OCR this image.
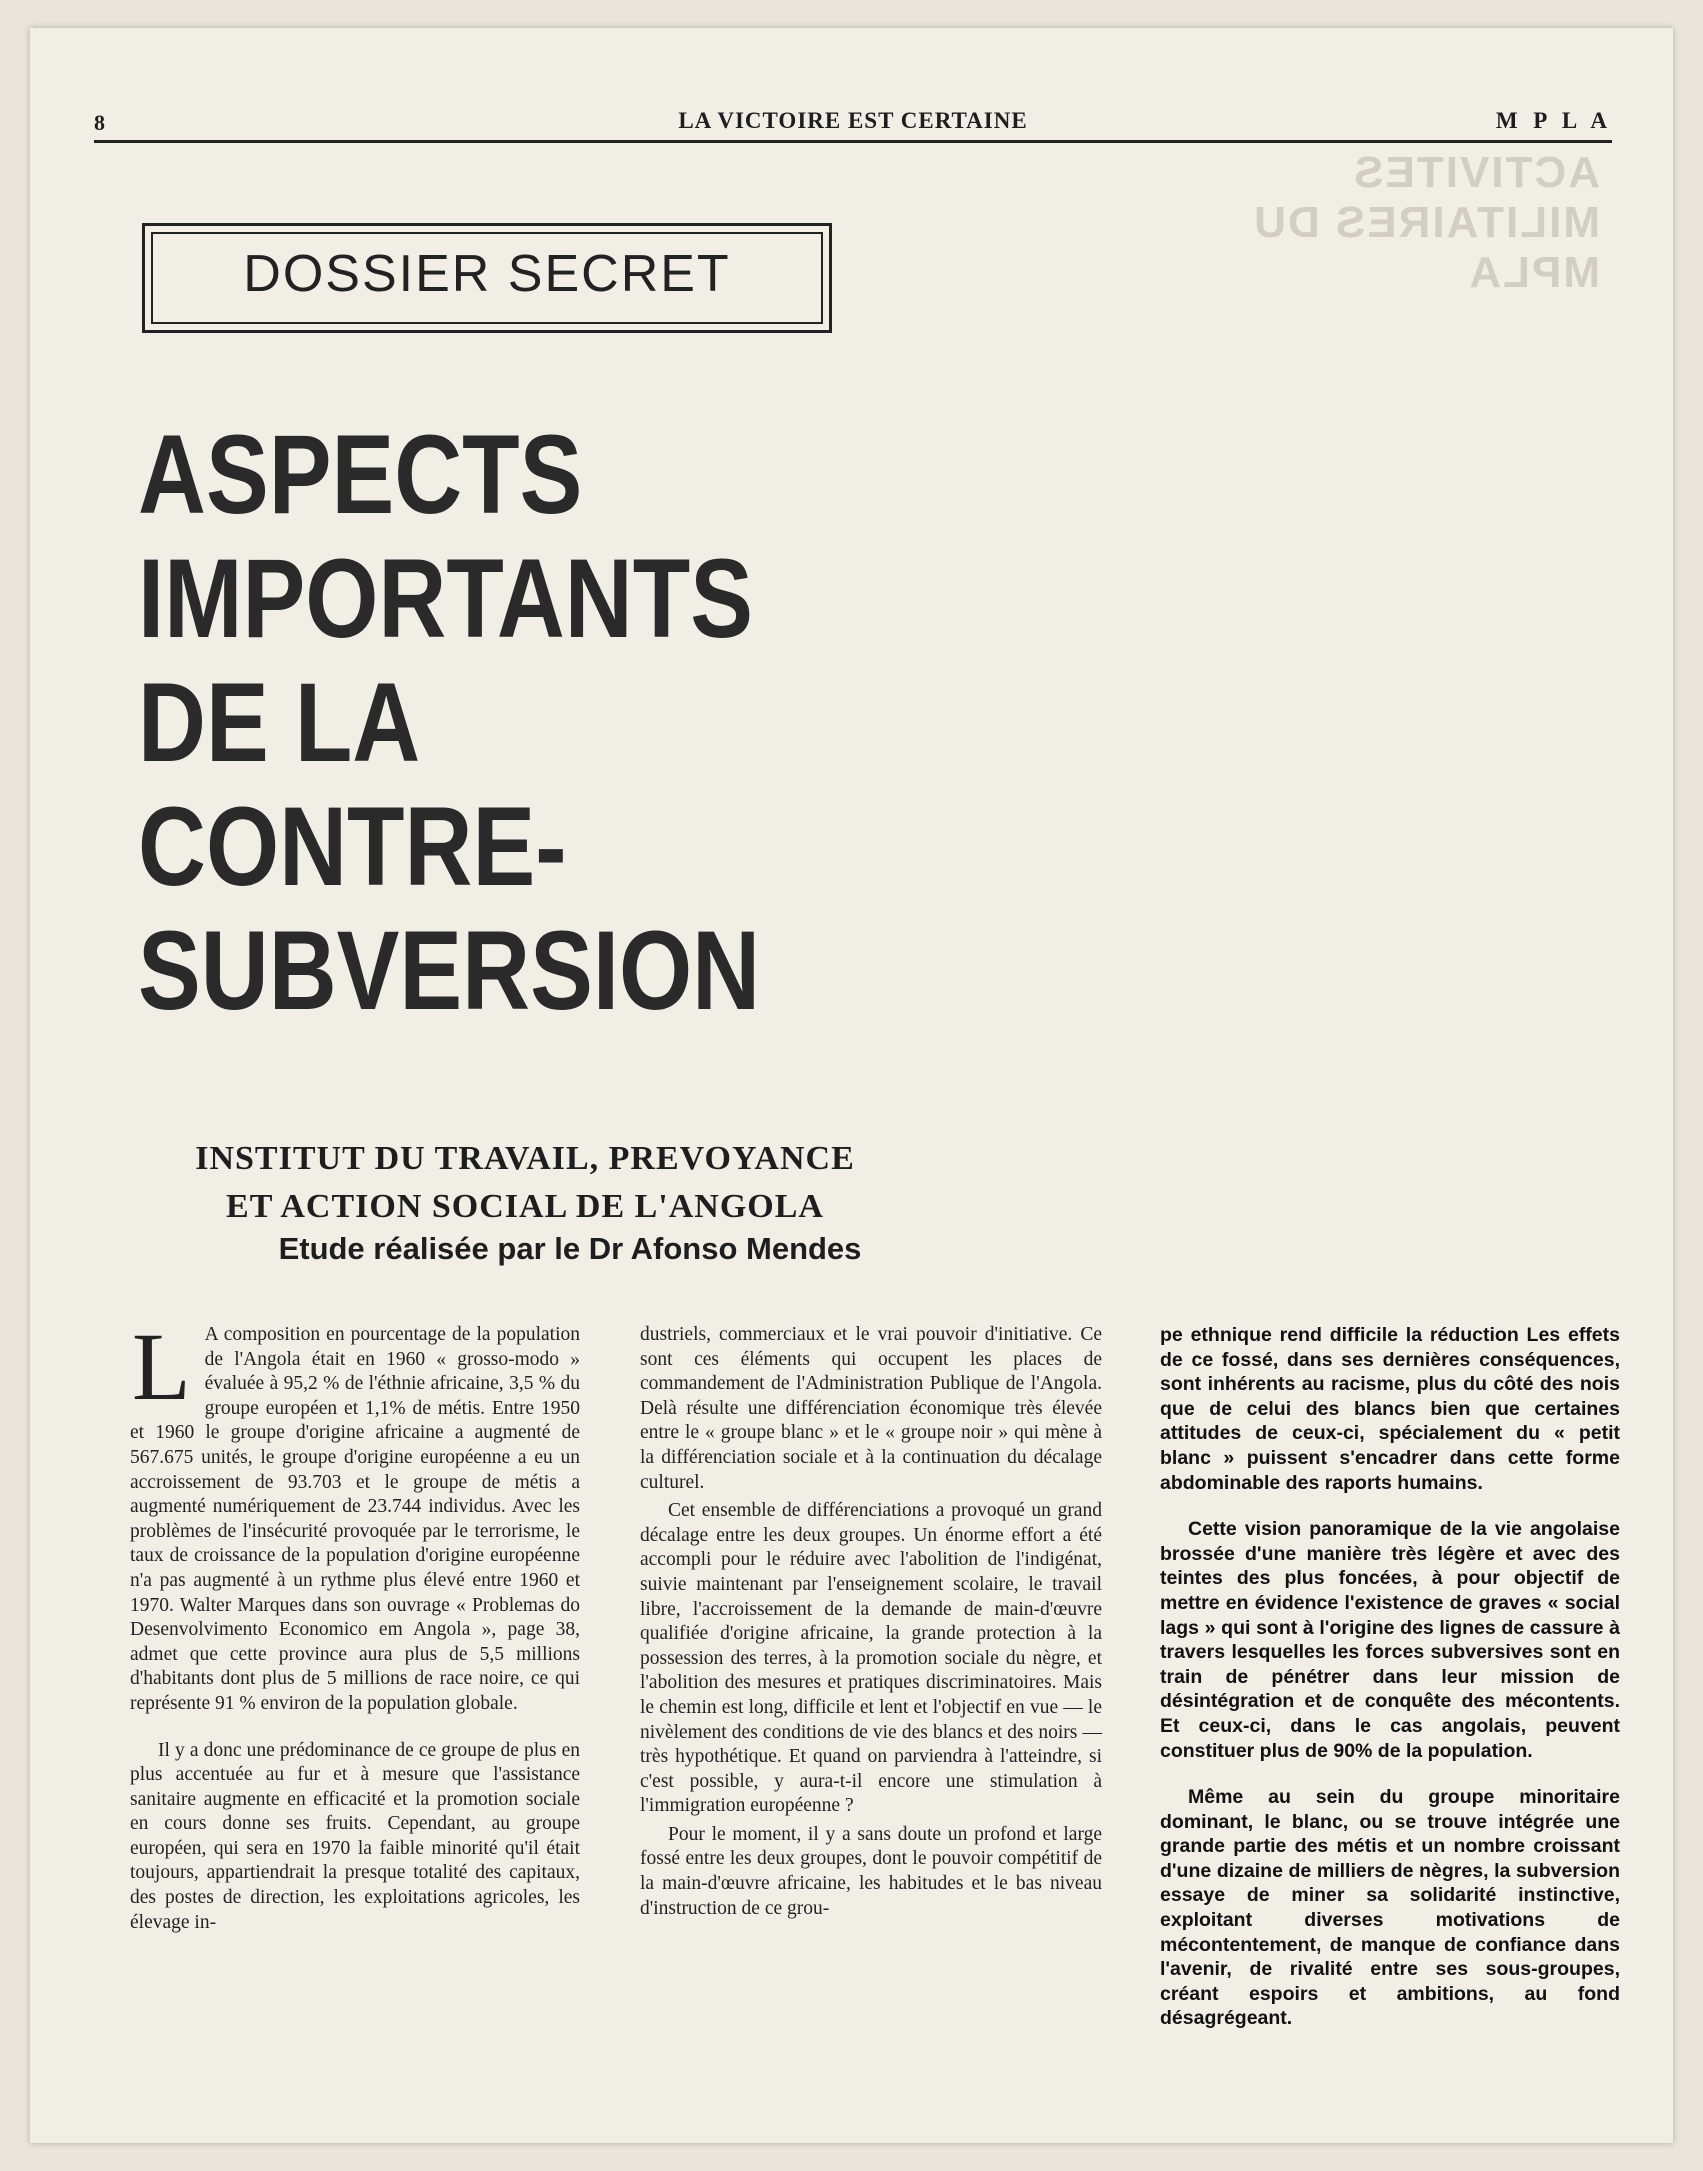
ACTIVITES
MILITAIRES DU MPLA
8	LA VICTOIRE EST CERTAINE	M P L A
DOSSIER SECRET
ASPECTS
IMPORTANTS
DE LA
CONTRE-
SUBVERSION
INSTITUT DU TRAVAIL, PREVOYANCE
ET ACTION SOCIAL DE L'ANGOLA
Etude réalisée par le Dr Afonso Mendes
L A composition en pourcentage de la population de l'Angola était en 1960 « grosso-modo » évaluée à 95,2 % de l'éthnie africaine, 3,5 % du groupe européen et 1,1% de métis. Entre 1950 et 1960 le groupe d'origine africaine a augmenté de 567.675 unités, le groupe d'origine européenne a eu un accroissement de 93.703 et le groupe de métis a augmenté numériquement de 23.744 individus. Avec les problèmes de l'insécurité provoquée par le terrorisme, le taux de croissance de la population d'origine européenne n'a pas augmenté à un rythme plus élevé entre 1960 et 1970. Walter Marques dans son ouvrage « Problemas do Desenvolvimento Economico em Angola », page 38, admet que cette province aura plus de 5,5 millions d'habitants dont plus de 5 millions de race noire, ce qui représente 91 % environ de la population globale.

Il y a donc une prédominance de ce groupe de plus en plus accentuée au fur et à mesure que l'assistance sanitaire augmente en efficacité et la promotion sociale en cours donne ses fruits. Cependant, au groupe européen, qui sera en 1970 la faible minorité qu'il était toujours, appartiendrait la presque totalité des capitaux, des postes de direction, les exploitations agricoles, les élevage in-

dustriels, commerciaux et le vrai pouvoir d'initiative. Ce sont ces éléments qui occupent les places de commandement de l'Administration Publique de l'Angola. Delà résulte une différenciation économique très élevée entre le « groupe blanc » et le « groupe noir » qui mène à la différenciation sociale et à la continuation du décalage culturel.

Cet ensemble de différenciations a provoqué un grand décalage entre les deux groupes. Un énorme effort a été accompli pour le réduire avec l'abolition de l'indigénat, suivie maintenant par l'enseignement scolaire, le travail libre, l'accroissement de la demande de main-d'œuvre qualifiée d'origine africaine, la grande protection à la possession des terres, à la promotion sociale du nègre, et l'abolition des mesures et pratiques discriminatoires. Mais le chemin est long, difficile et lent et l'objectif en vue — le nivèlement des conditions de vie des blancs et des noirs — très hypothétique. Et quand on parviendra à l'atteindre, si c'est possible, y aura-t-il encore une stimulation à l'immigration européenne ?

Pour le moment, il y a sans doute un profond et large fossé entre les deux groupes, dont le pouvoir compétitif de la main-d'œuvre africaine, les habitudes et le bas niveau d'instruction de ce grou-

pe ethnique rend difficile la réduction Les effets de ce fossé, dans ses dernières conséquences, sont inhérents au racisme, plus du côté des nois que de celui des blancs bien que certaines attitudes de ceux-ci, spécialement du « petit blanc » puissent s'encadrer dans cette forme abdominable des raports humains.

Cette vision panoramique de la vie angolaise brossée d'une manière très légère et avec des teintes des plus foncées, à pour objectif de mettre en évidence l'existence de graves « social lags » qui sont à l'origine des lignes de cassure à travers lesquelles les forces subversives sont en train de pénétrer dans leur mission de désintégration et de conquête des mécontents. Et ceux-ci, dans le cas angolais, peuvent constituer plus de 90% de la population.

Même au sein du groupe minoritaire dominant, le blanc, ou se trouve intégrée une grande partie des métis et un nombre croissant d'une dizaine de milliers de nègres, la subversion essaye de miner sa solidarité instinctive, exploitant diverses motivations de mécontentement, de manque de confiance dans l'avenir, de rivalité entre ses sous-groupes, créant espoirs et ambitions, au fond désagrégeant.
